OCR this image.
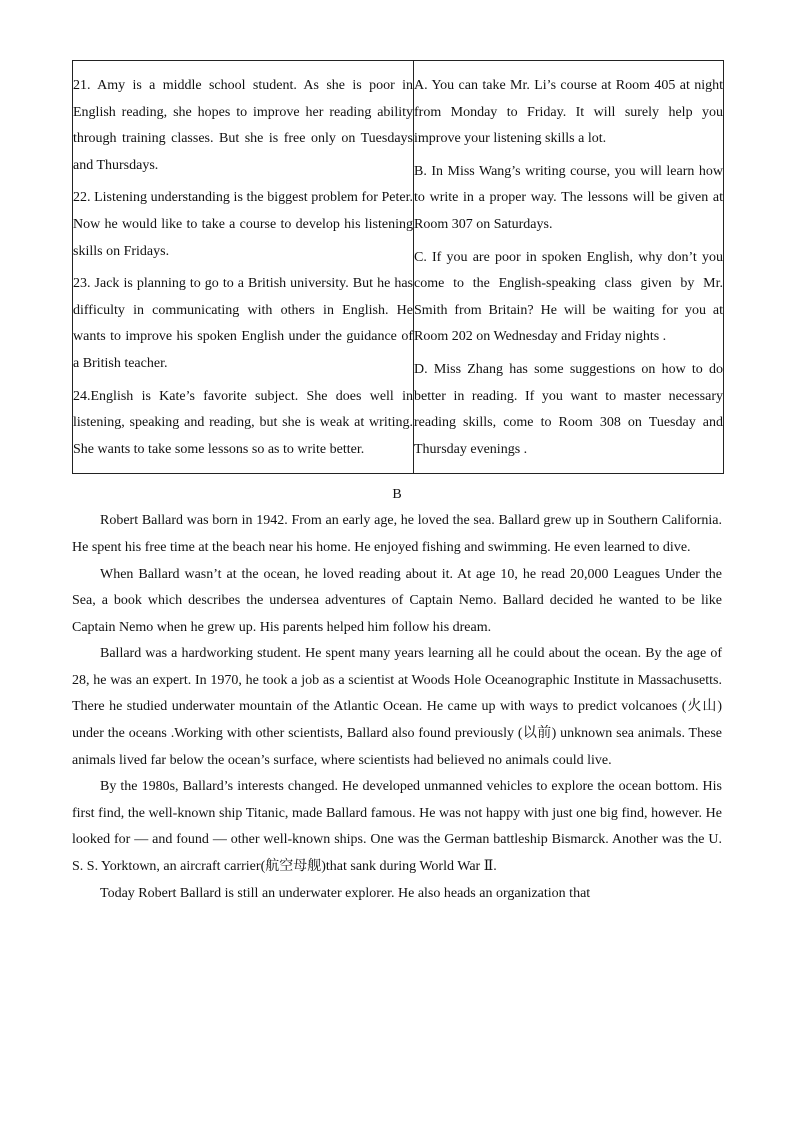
21. Amy is a middle school student. As she is poor in English reading, she hopes to improve her reading ability through training classes. But she is free only on Tuesdays and Thursdays.
22. Listening understanding is the biggest problem for Peter. Now he would like to take a course to develop his listening skills on Fridays.
23. Jack is planning to go to a British university. But he has difficulty in communicating with others in English. He wants to improve his spoken English under the guidance of a British teacher.
24.English is Kate’s favorite subject. She does well in listening, speaking and reading, but she is weak at writing. She wants to take some lessons so as to write better.

A. You can take Mr. Li’s course at Room 405 at night from Monday to Friday. It will surely help you improve your listening skills a lot.
B. In Miss Wang’s writing course, you will learn how to write in a proper way. The lessons will be given at Room 307 on Saturdays.
C. If you are poor in spoken English, why don’t you come to the English-speaking class given by Mr. Smith from Britain? He will be waiting for you at Room 202 on Wednesday and Friday nights .
D. Miss Zhang has some suggestions on how to do better in reading. If you want to master necessary reading skills, come to Room 308 on Tuesday and Thursday evenings .
B

Robert Ballard was born in 1942. From an early age, he loved the sea. Ballard grew up in Southern California. He spent his free time at the beach near his home. He enjoyed fishing and swimming. He even learned to dive.

When Ballard wasn’t at the ocean, he loved reading about it. At age 10, he read 20,000 Leagues Under the Sea, a book which describes the undersea adventures of Captain Nemo. Ballard decided he wanted to be like Captain Nemo when he grew up. His parents helped him follow his dream.

Ballard was a hardworking student. He spent many years learning all he could about the ocean. By the age of 28, he was an expert. In 1970, he took a job as a scientist at Woods Hole Oceanographic Institute in Massachusetts. There he studied underwater mountain of the Atlantic Ocean. He came up with ways to predict volcanoes (火山) under the oceans .Working with other scientists, Ballard also found previously (以前) unknown sea animals. These animals lived far below the ocean’s surface, where scientists had believed no animals could live.

By the 1980s, Ballard’s interests changed. He developed unmanned vehicles to explore the ocean bottom. His first find, the well-known ship Titanic, made Ballard famous. He was not happy with just one big find, however. He looked for — and found — other well-known ships. One was the German battleship Bismarck. Another was the U. S. S. Yorktown, an aircraft carrier(航空母舰)that sank during World War Ⅱ.

Today Robert Ballard is still an underwater explorer. He also heads an organization that
